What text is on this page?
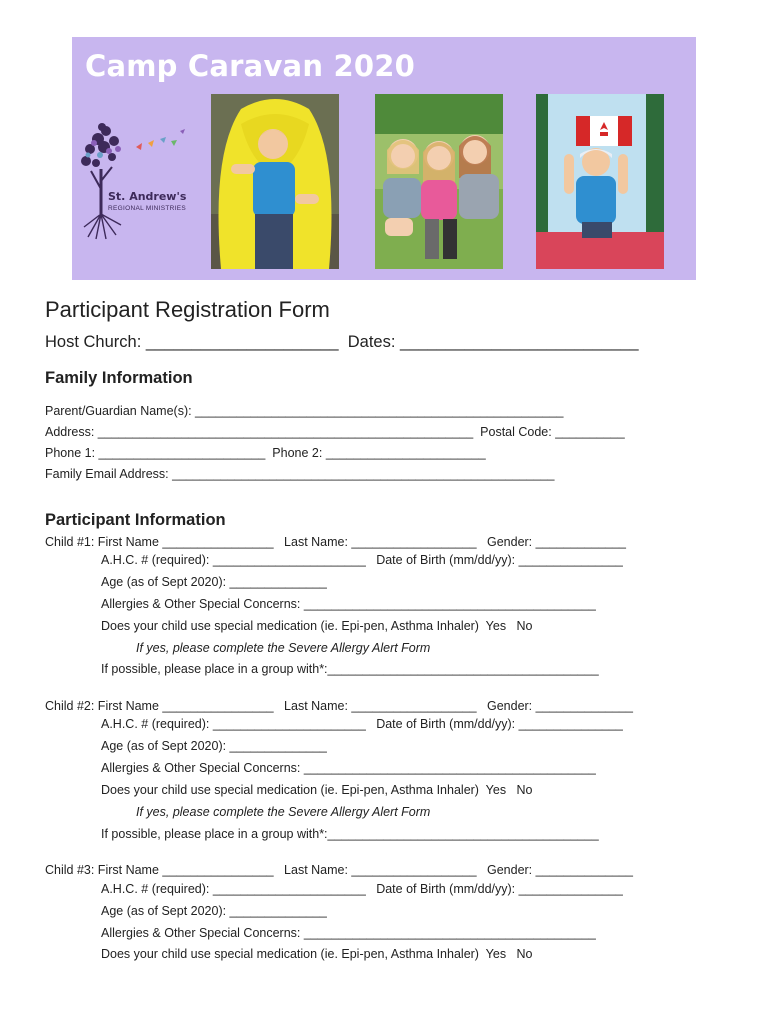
Camp Caravan 2020
St. Andrew's
REGIONAL MINISTRIES
Participant Registration Form
Host Church: _____________________  Dates: __________________________
Family Information
Parent/Guardian Name(s): _____________________________________________________
Address: ______________________________________________________  Postal Code: __________
Phone 1: ________________________  Phone 2: _______________________
Family Email Address: _______________________________________________________
Participant Information
Child #1: First Name ________________   Last Name: __________________   Gender: _____________
A.H.C. # (required): ______________________   Date of Birth (mm/dd/yy): _______________
Age (as of Sept 2020): ______________
Allergies & Other Special Concerns: __________________________________________
Does your child use special medication (ie. Epi-pen, Asthma Inhaler)  Yes   No
If yes, please complete the Severe Allergy Alert Form
If possible, please place in a group with*:_______________________________________
Child #2: First Name ________________   Last Name: __________________   Gender: ______________
A.H.C. # (required): ______________________   Date of Birth (mm/dd/yy): _______________
Age (as of Sept 2020): ______________
Allergies & Other Special Concerns: __________________________________________
Does your child use special medication (ie. Epi-pen, Asthma Inhaler)  Yes   No
If yes, please complete the Severe Allergy Alert Form
If possible, please place in a group with*:_______________________________________
Child #3: First Name ________________   Last Name: __________________   Gender: ______________
A.H.C. # (required): ______________________   Date of Birth (mm/dd/yy): _______________
Age (as of Sept 2020): ______________
Allergies & Other Special Concerns: __________________________________________
Does your child use special medication (ie. Epi-pen, Asthma Inhaler)  Yes   No
